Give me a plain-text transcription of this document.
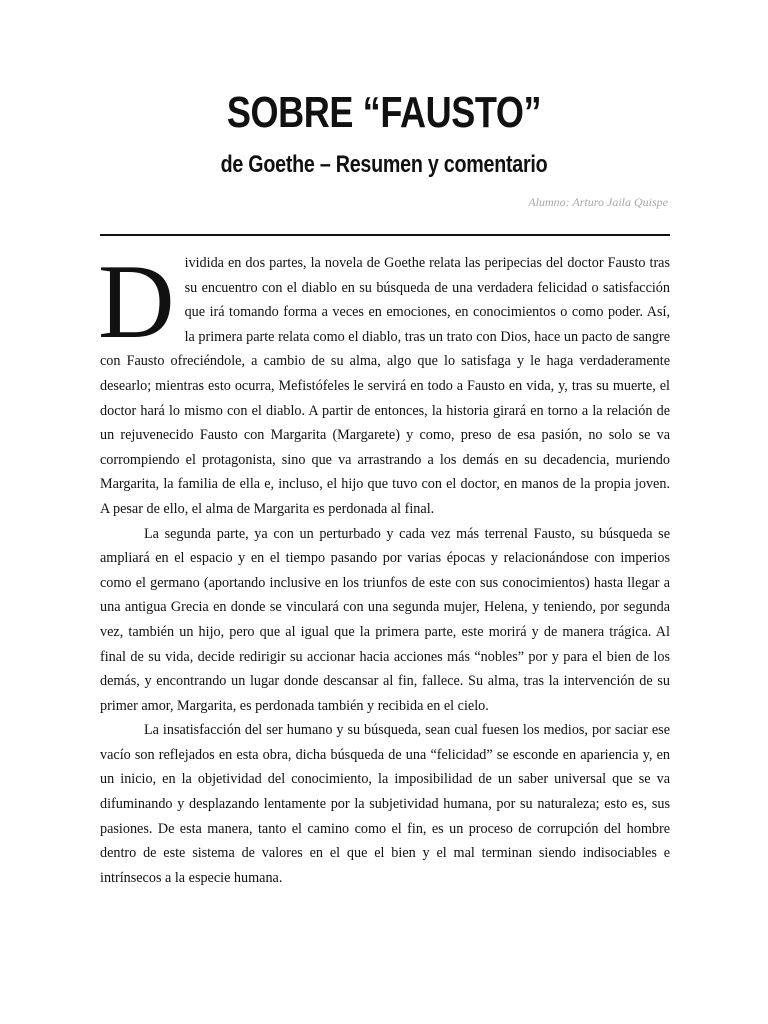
SOBRE “FAUSTO”
de Goethe – Resumen y comentario
Alumno: Arturo Jaila Quispe

Dividida en dos partes, la novela de Goethe relata las peripecias del doctor Fausto tras su encuentro con el diablo en su búsqueda de una verdadera felicidad o satisfacción que irá tomando forma a veces en emociones, en conocimientos o como poder. Así, la primera parte relata como el diablo, tras un trato con Dios, hace un pacto de sangre con Fausto ofreciéndole, a cambio de su alma, algo que lo satisfaga y le haga verdaderamente desearlo; mientras esto ocurra, Mefistófeles le servirá en todo a Fausto en vida, y, tras su muerte, el doctor hará lo mismo con el diablo. A partir de entonces, la historia girará en torno a la relación de un rejuvenecido Fausto con Margarita (Margarete) y como, preso de esa pasión, no solo se va corrompiendo el protagonista, sino que va arrastrando a los demás en su decadencia, muriendo Margarita, la familia de ella e, incluso, el hijo que tuvo con el doctor, en manos de la propia joven. A pesar de ello, el alma de Margarita es perdonada al final.

La segunda parte, ya con un perturbado y cada vez más terrenal Fausto, su búsqueda se ampliará en el espacio y en el tiempo pasando por varias épocas y relacionándose con imperios como el germano (aportando inclusive en los triunfos de este con sus conocimientos) hasta llegar a una antigua Grecia en donde se vinculará con una segunda mujer, Helena, y teniendo, por segunda vez, también un hijo, pero que al igual que la primera parte, este morirá y de manera trágica. Al final de su vida, decide redirigir su accionar hacia acciones más “nobles” por y para el bien de los demás, y encontrando un lugar donde descansar al fin, fallece. Su alma, tras la intervención de su primer amor, Margarita, es perdonada también y recibida en el cielo.

La insatisfacción del ser humano y su búsqueda, sean cual fuesen los medios, por saciar ese vacío son reflejados en esta obra, dicha búsqueda de una “felicidad” se esconde en apariencia y, en un inicio, en la objetividad del conocimiento, la imposibilidad de un saber universal que se va difuminando y desplazando lentamente por la subjetividad humana, por su naturaleza; esto es, sus pasiones. De esta manera, tanto el camino como el fin, es un proceso de corrupción del hombre dentro de este sistema de valores en el que el bien y el mal terminan siendo indisociables e intrínsecos a la especie humana.
